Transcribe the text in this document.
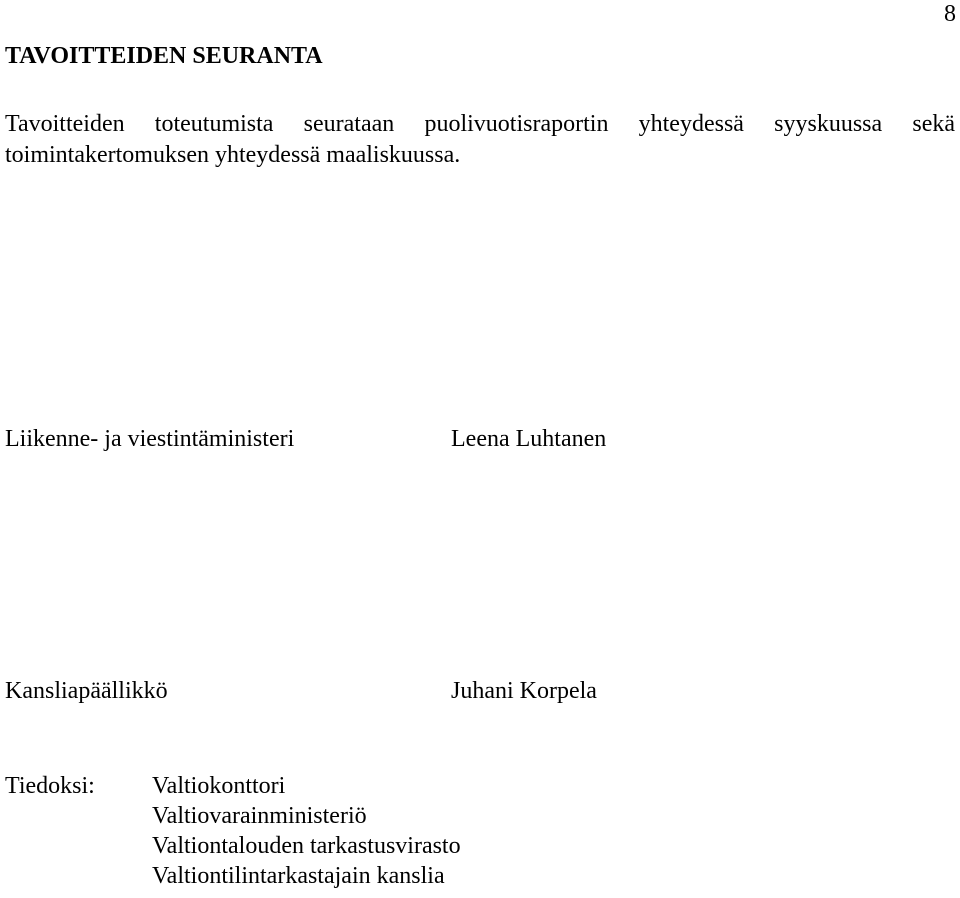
8
TAVOITTEIDEN SEURANTA

Tavoitteiden toteutumista seurataan puolivuotisraportin yhteydessä syyskuussa sekä
toimintakertomuksen yhteydessä maaliskuussa.

Liikenne- ja viestintäministeri	Leena Luhtanen
Kansliapäällikkö	Juhani Korpela
Tiedoksi: Valtiokonttori
Valtiovarainministeriö
Valtiontalouden tarkastusvirasto
Valtiontilintarkastajain kanslia
